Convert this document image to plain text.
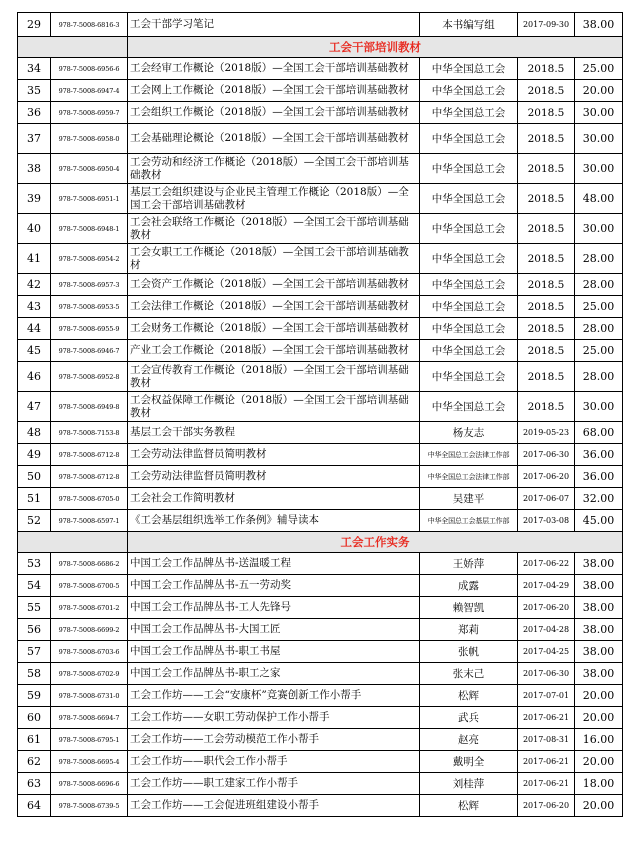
29	978-7-5008-6816-3	工会干部学习笔记	本书编写组	2017-09-30	38.00
		工会干部培训教材			
34	978-7-5008-6956-6	工会经审工作概论（2018版）—全国工会干部培训基础教材	中华全国总工会	2018.5	25.00
35	978-7-5008-6947-4	工会网上工作概论（2018版）—全国工会干部培训基础教材	中华全国总工会	2018.5	20.00
36	978-7-5008-6959-7	工会组织工作概论（2018版）—全国工会干部培训基础教材	中华全国总工会	2018.5	30.00
37	978-7-5008-6958-0	工会基础理论概论（2018版）—全国工会干部培训基础教材	中华全国总工会	2018.5	30.00
38	978-7-5008-6950-4	工会劳动和经济工作概论（2018版）—全国工会干部培训基础教材	中华全国总工会	2018.5	30.00
39	978-7-5008-6951-1	基层工会组织建设与企业民主管理工作概论（2018版）—全国工会干部培训基础教材	中华全国总工会	2018.5	48.00
40	978-7-5008-6948-1	工会社会联络工作概论（2018版）—全国工会干部培训基础教材	中华全国总工会	2018.5	30.00
41	978-7-5008-6954-2	工会女职工工作概论（2018版）—全国工会干部培训基础教材	中华全国总工会	2018.5	28.00
42	978-7-5008-6957-3	工会资产工作概论（2018版）—全国工会干部培训基础教材	中华全国总工会	2018.5	28.00
43	978-7-5008-6953-5	工会法律工作概论（2018版）—全国工会干部培训基础教材	中华全国总工会	2018.5	25.00
44	978-7-5008-6955-9	工会财务工作概论（2018版）—全国工会干部培训基础教材	中华全国总工会	2018.5	28.00
45	978-7-5008-6946-7	产业工会工作概论（2018版）—全国工会干部培训基础教材	中华全国总工会	2018.5	25.00
46	978-7-5008-6952-8	工会宣传教育工作概论（2018版）—全国工会干部培训基础教材	中华全国总工会	2018.5	28.00
47	978-7-5008-6949-8	工会权益保障工作概论（2018版）—全国工会干部培训基础教材	中华全国总工会	2018.5	30.00
48	978-7-5008-7153-8	基层工会干部实务教程	杨友志	2019-05-23	68.00
49	978-7-5008-6712-8	工会劳动法律监督员简明教材	中华全国总工会法律工作部	2017-06-30	36.00
50	978-7-5008-6712-8	工会劳动法律监督员简明教材	中华全国总工会法律工作部	2017-06-20	36.00
51	978-7-5008-6705-0	工会社会工作简明教材	吴建平	2017-06-07	32.00
52	978-7-5008-6597-1	《工会基层组织选举工作条例》辅导读本	中华全国总工会基层工作部	2017-03-08	45.00
		工会工作实务			
53	978-7-5008-6686-2	中国工会工作品牌丛书-送温暖工程	王娇萍	2017-06-22	38.00
54	978-7-5008-6700-5	中国工会工作品牌丛书-五一劳动奖	成露	2017-04-29	38.00
55	978-7-5008-6701-2	中国工会工作品牌丛书-工人先锋号	赖智凯	2017-06-20	38.00
56	978-7-5008-6699-2	中国工会工作品牌丛书-大国工匠	郑莉	2017-04-28	38.00
57	978-7-5008-6703-6	中国工会工作品牌丛书-职工书屋	张帆	2017-04-25	38.00
58	978-7-5008-6702-9	中国工会工作品牌丛书-职工之家	张末己	2017-06-30	38.00
59	978-7-5008-6731-0	工会工作坊——工会“安康杯”竞赛创新工作小帮手	松辉	2017-07-01	20.00
60	978-7-5008-6694-7	工会工作坊——女职工劳动保护工作小帮手	武兵	2017-06-21	20.00
61	978-7-5008-6795-1	工会工作坊——工会劳动模范工作小帮手	赵亮	2017-08-31	16.00
62	978-7-5008-6695-4	工会工作坊——职代会工作小帮手	戴明全	2017-06-21	20.00
63	978-7-5008-6696-6	工会工作坊——职工建家工作小帮手	刘桂萍	2017-06-21	18.00
64	978-7-5008-6739-5	工会工作坊——工会促进班组建设小帮手	松辉	2017-06-20	20.00
